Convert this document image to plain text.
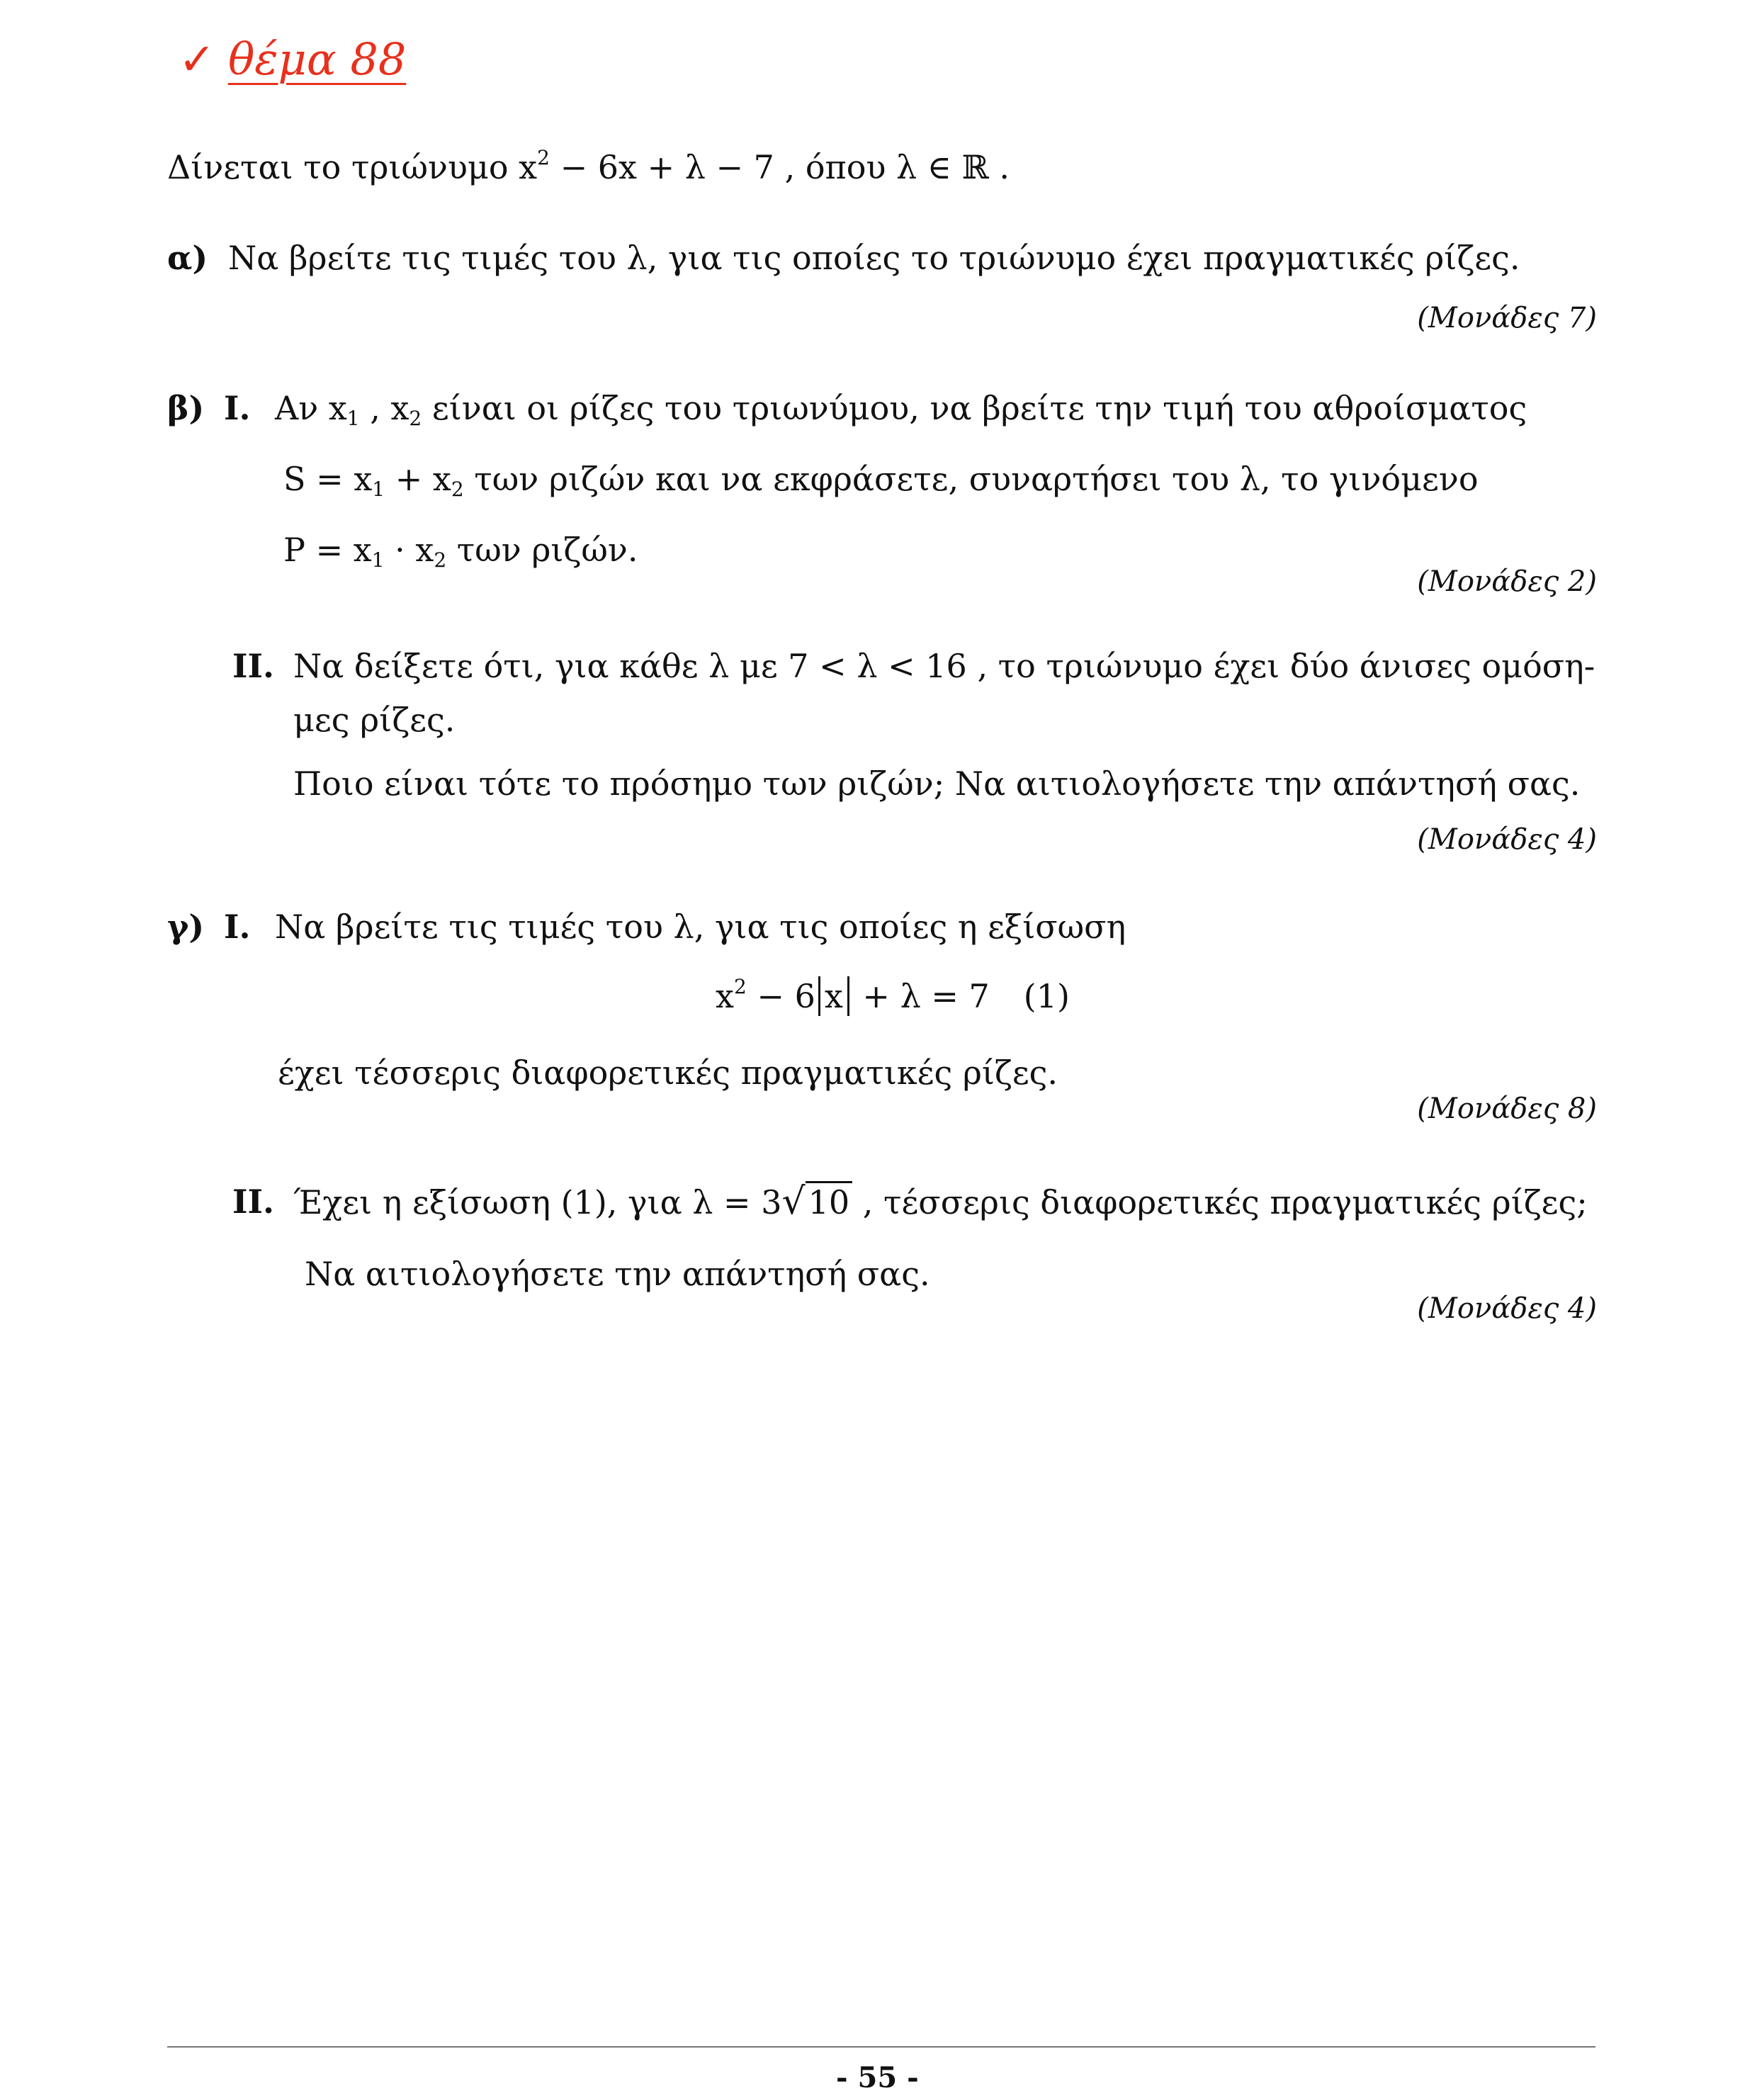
✓ θέμα 88
Δίνεται το τριώνυμο $x^2 - 6x + \lambda - 7$ , όπου λ ∈ ℝ .
α) Να βρείτε τις τιμές του λ, για τις οποίες το τριώνυμο έχει πραγματικές ρίζες.
(Μονάδες 7)
β) Ι. Αν $x_1$ , $x_2$ είναι οι ρίζες του τριωνύμου, να βρείτε την τιμή του αθροίσματος
$S = x_1 + x_2$ των ριζών και να εκφράσετε, συναρτήσει του λ, το γινόμενο
$P = x_1 \cdot x_2$ των ριζών.
(Μονάδες 2)
ΙΙ. Να δείξετε ότι, για κάθε λ με 7 < λ < 16 , το τριώνυμο έχει δύο άνισες ομόση-
μες ρίζες.
Ποιο είναι τότε το πρόσημο των ριζών; Να αιτιολογήσετε την απάντησή σας.
(Μονάδες 4)
γ) Ι. Να βρείτε τις τιμές του λ, για τις οποίες η εξίσωση
$x^2 - 6$ x + λ = 7 (1)
έχει τέσσερις διαφορετικές πραγματικές ρίζες.
(Μονάδες 8)
ΙΙ. Έχει η εξίσωση (1), για λ = 3√10 , τέσσερις διαφορετικές πραγματικές ρίζες;
Να αιτιολογήσετε την απάντησή σας.
(Μονάδες 4)
- 55 -
